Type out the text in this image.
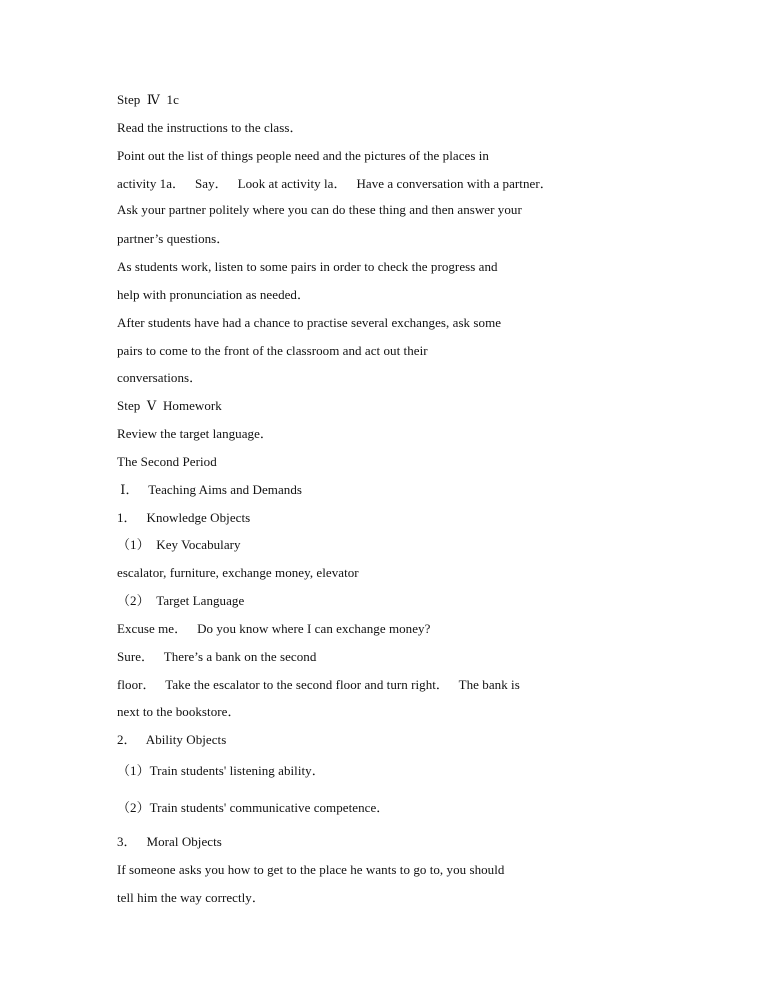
Step  Ⅳ  1c
Read the instructions to the class．
Point out the list of things people need and the pictures of the places in
activity 1a．   Say．   Look at activity la．   Have a conversation with a partner．
Ask your partner politely where you can do these thing and then answer your
partner’s questions．
As students work, listen to some pairs in order to check the progress and
help with pronunciation as needed．
After students have had a chance to practise several exchanges, ask some
pairs to come to the front of the classroom and act out their
conversations．
Step  Ⅴ  Homework
Review the target language．
The Second Period
Ⅰ．   Teaching Aims and Demands
1．   Knowledge Objects
（1）  Key Vocabulary
escalator, furniture, exchange money, elevator
（2）  Target Language
Excuse me．   Do you know where I can exchange money?
Sure．   There’s a bank on the second
floor．   Take the escalator to the second floor and turn right．   The bank is
next to the bookstore．
2．   Ability Objects
（1）Train students' listening ability．
（2）Train students' communicative competence．
3．   Moral Objects
If someone asks you how to get to the place he wants to go to, you should
tell him the way correctly．
